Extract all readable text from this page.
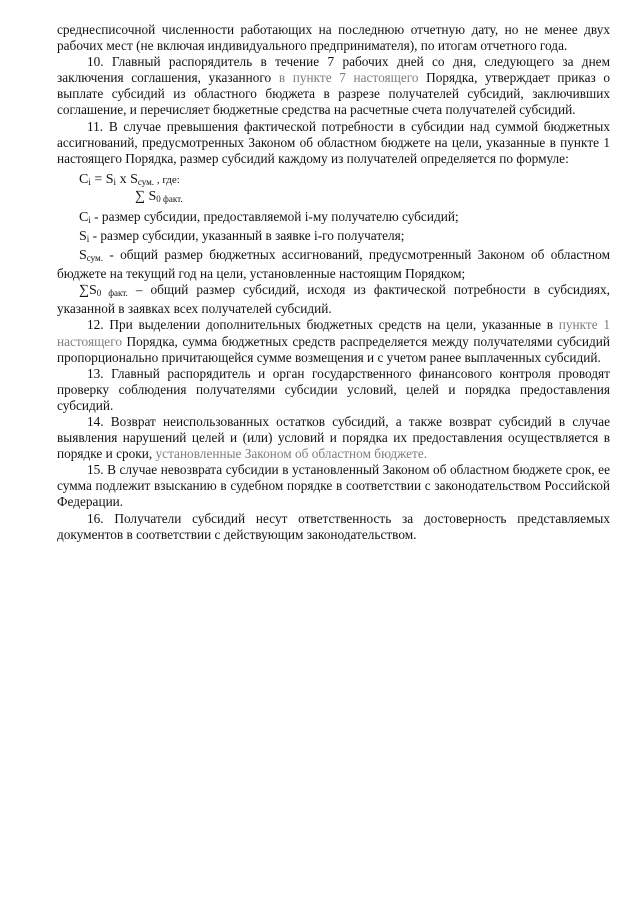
среднесписочной численности работающих на последнюю отчетную дату, но не менее двух рабочих мест (не включая индивидуального предпринимателя), по итогам отчетного года.

10. Главный распорядитель в течение 7 рабочих дней со дня, следующего за днем заключения соглашения, указанного в пункте 7 настоящего Порядка, утверждает приказ о выплате субсидий из областного бюджета в разрезе получателей субсидий, заключивших соглашение, и перечисляет бюджетные средства на расчетные счета получателей субсидий.

11. В случае превышения фактической потребности в субсидии над суммой бюджетных ассигнований, предусмотренных Законом об областном бюджете на цели, указанные в пункте 1 настоящего Порядка, размер субсидий каждому из получателей определяется по формуле:

$C_i = S_i$ x $S_{сум.}$ , где:
∑ $S_{0 факт.}$

$C_i$ - размер субсидии, предоставляемой i-му получателю субсидий;

$S_i$ - размер субсидии, указанный в заявке i-го получателя;

$S_{сум.}$ - общий размер бюджетных ассигнований, предусмотренный Законом об областном бюджете на текущий год на цели, установленные настоящим Порядком;

$\sum S_{0 факт.}$ – общий размер субсидий, исходя из фактической потребности в субсидиях, указанной в заявках всех получателей субсидий.

12. При выделении дополнительных бюджетных средств на цели, указанные в пункте 1 настоящего Порядка, сумма бюджетных средств распределяется между получателями субсидий пропорционально причитающейся сумме возмещения и с учетом ранее выплаченных субсидий.

13. Главный распорядитель и орган государственного финансового контроля проводят проверку соблюдения получателями субсидии условий, целей и порядка предоставления субсидий.

14. Возврат неиспользованных остатков субсидий, а также возврат субсидий в случае выявления нарушений целей и (или) условий и порядка их предоставления осуществляется в порядке и сроки, установленные Законом об областном бюджете.

15. В случае невозврата субсидии в установленный Законом об областном бюджете срок, ее сумма подлежит взысканию в судебном порядке в соответствии с законодательством Российской Федерации.

16. Получатели субсидий несут ответственность за достоверность представляемых документов в соответствии с действующим законодательством.
